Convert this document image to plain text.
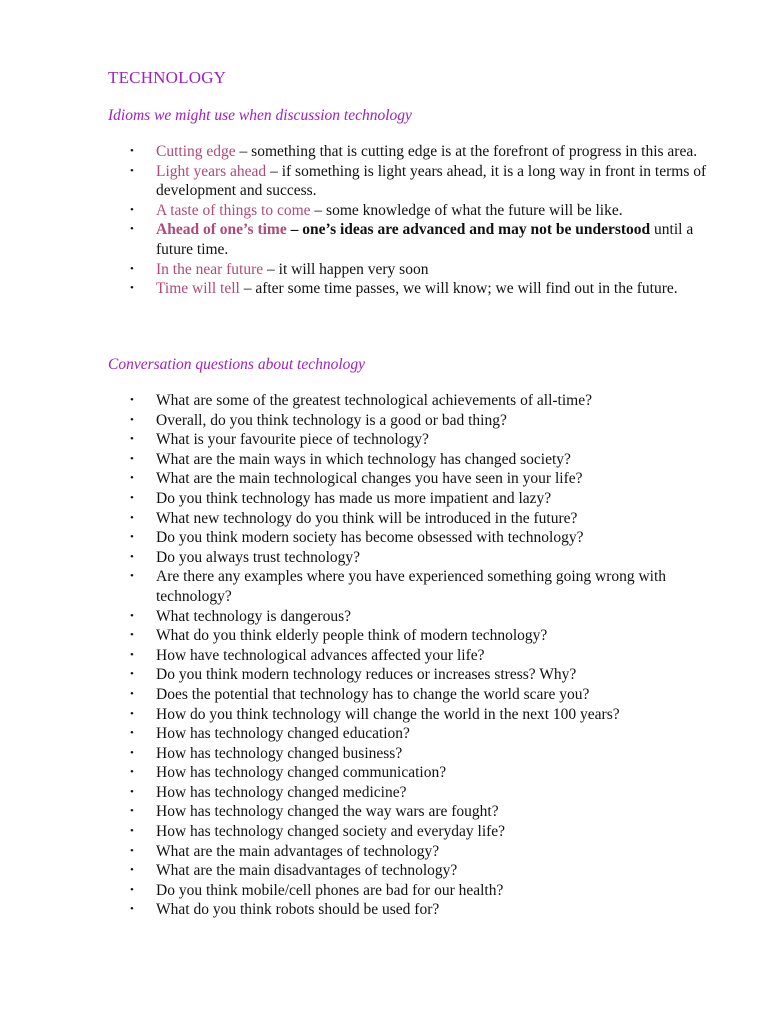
TECHNOLOGY
Idioms we might use when discussion technology
• Cutting edge – something that is cutting edge is at the forefront of progress in this area.
• Light years ahead – if something is light years ahead, it is a long way in front in terms of development and success.
• A taste of things to come – some knowledge of what the future will be like.
• Ahead of one’s time – one’s ideas are advanced and may not be understood until a future time.
• In the near future – it will happen very soon
• Time will tell – after some time passes, we will know; we will find out in the future.
Conversation questions about technology
• What are some of the greatest technological achievements of all-time?
• Overall, do you think technology is a good or bad thing?
• What is your favourite piece of technology?
• What are the main ways in which technology has changed society?
• What are the main technological changes you have seen in your life?
• Do you think technology has made us more impatient and lazy?
• What new technology do you think will be introduced in the future?
• Do you think modern society has become obsessed with technology?
• Do you always trust technology?
• Are there any examples where you have experienced something going wrong with technology?
• What technology is dangerous?
• What do you think elderly people think of modern technology?
• How have technological advances affected your life?
• Do you think modern technology reduces or increases stress? Why?
• Does the potential that technology has to change the world scare you?
• How do you think technology will change the world in the next 100 years?
• How has technology changed education?
• How has technology changed business?
• How has technology changed communication?
• How has technology changed medicine?
• How has technology changed the way wars are fought?
• How has technology changed society and everyday life?
• What are the main advantages of technology?
• What are the main disadvantages of technology?
• Do you think mobile/cell phones are bad for our health?
• What do you think robots should be used for?
